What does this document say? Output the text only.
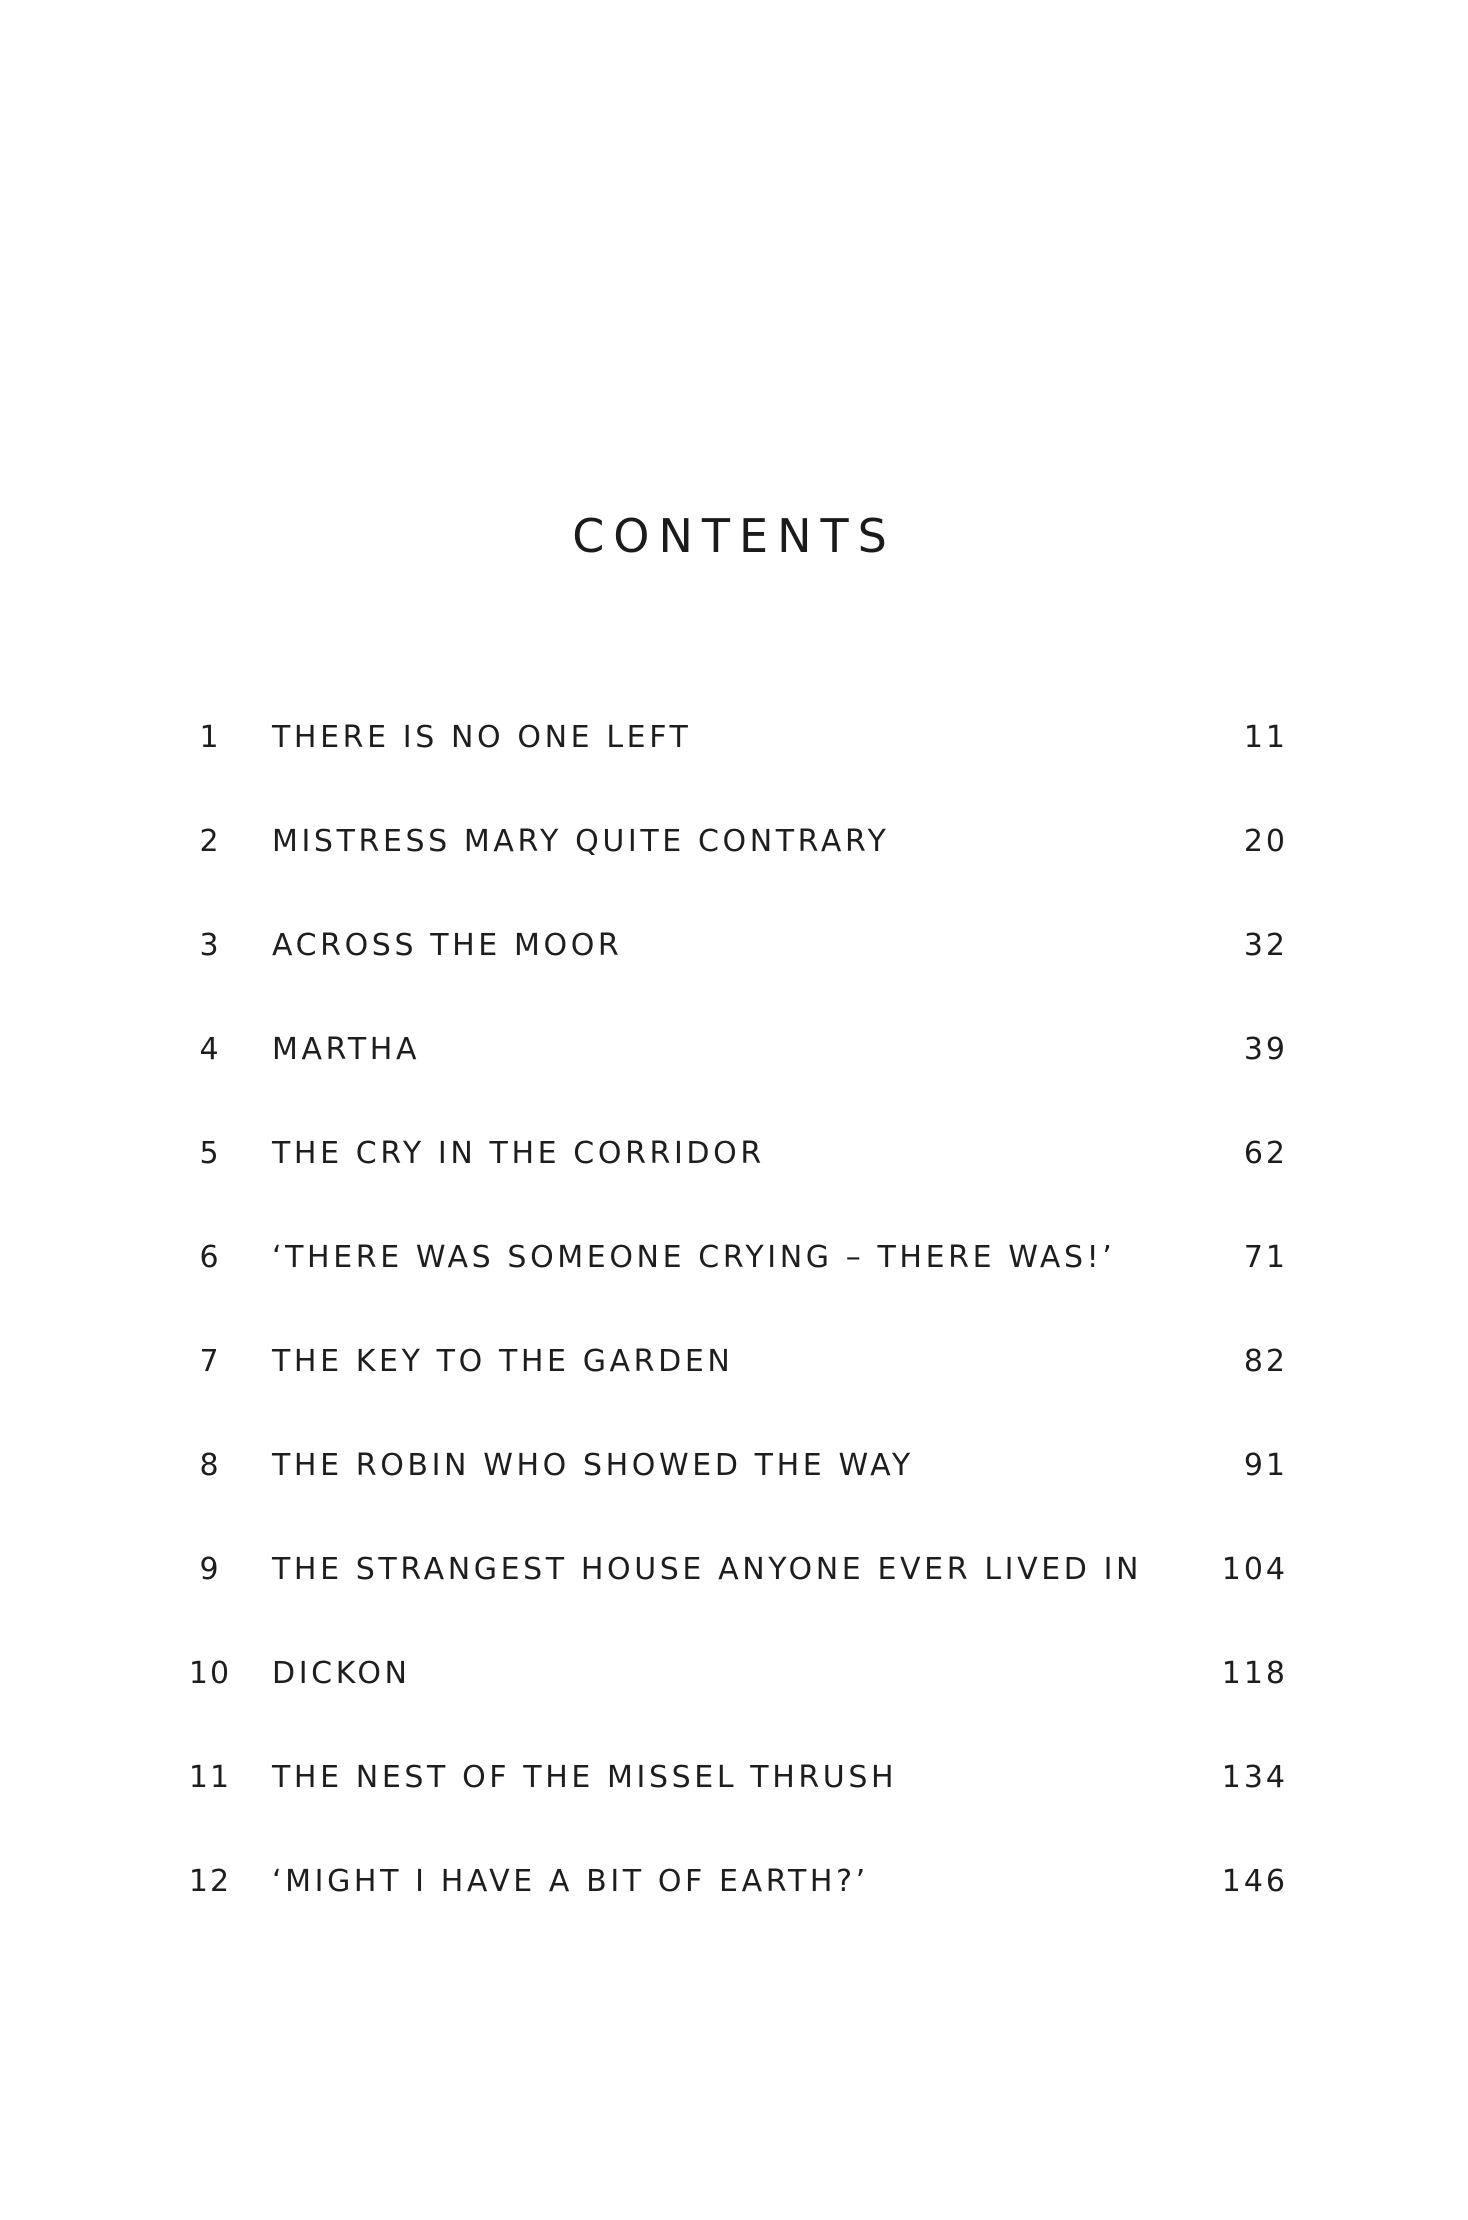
CONTENTS
1	THERE IS NO ONE LEFT	11
2	MISTRESS MARY QUITE CONTRARY	20
3	ACROSS THE MOOR	32
4	MARTHA	39
5	THE CRY IN THE CORRIDOR	62
6	‘THERE WAS SOMEONE CRYING – THERE WAS!’	71
7	THE KEY TO THE GARDEN	82
8	THE ROBIN WHO SHOWED THE WAY	91
9	THE STRANGEST HOUSE ANYONE EVER LIVED IN	104
10 DICKON	118
11 THE NEST OF THE MISSEL THRUSH	134
12 ‘MIGHT I HAVE A BIT OF EARTH?’	146
